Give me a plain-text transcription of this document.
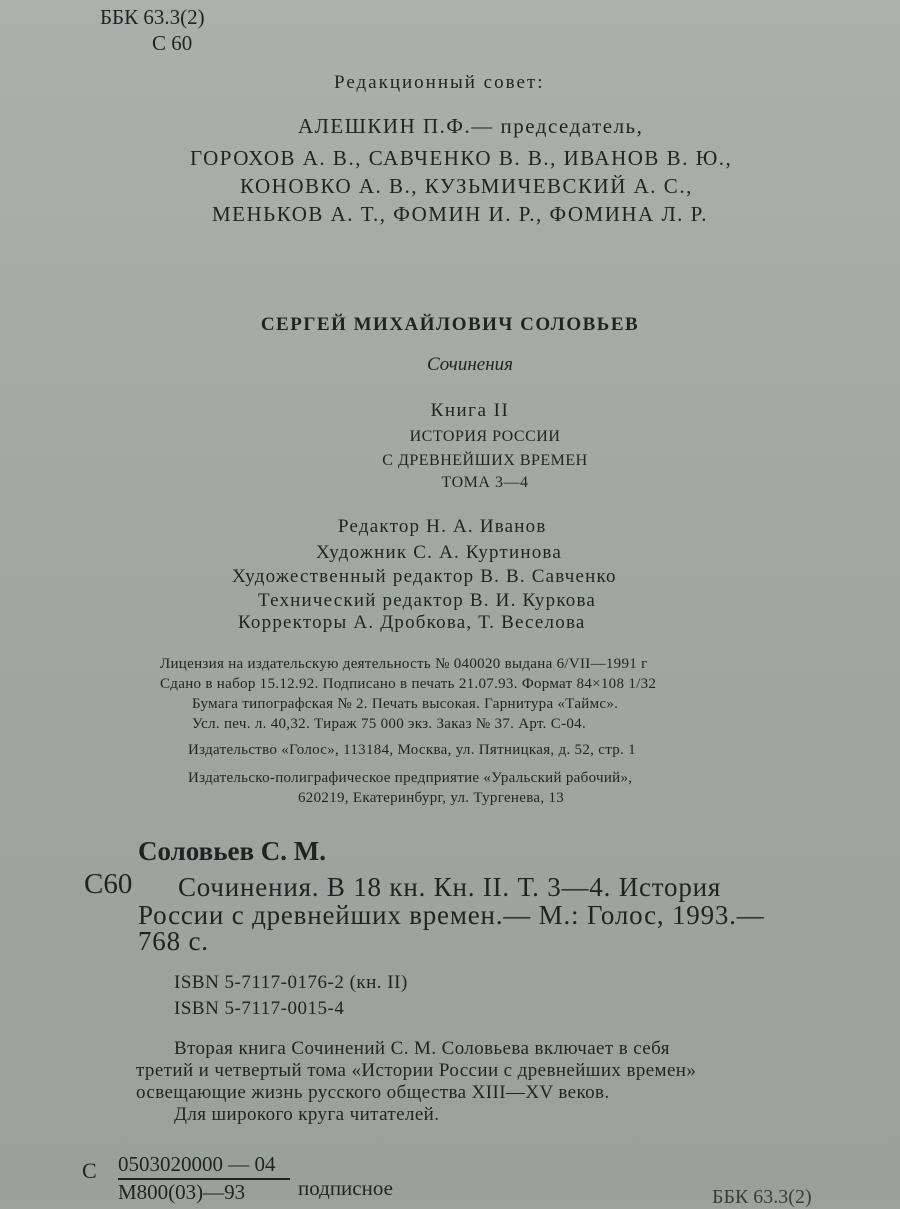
ББК 63.3(2)
С 60
Редакционный совет:
АЛЕШКИН П.Ф.— председатель,
ГОРОХОВ А. В., САВЧЕНКО В. В., ИВАНОВ В. Ю.,
КОНОВКО А. В., КУЗЬМИЧЕВСКИЙ А. С.,
МЕНЬКОВ А. Т., ФОМИН И. Р., ФОМИНА Л. Р.
СЕРГЕЙ МИХАЙЛОВИЧ СОЛОВЬЕВ
Сочинения
Книга II
ИСТОРИЯ РОССИИ
С ДРЕВНЕЙШИХ ВРЕМЕН
ТОМА 3—4
Редактор Н. А. Иванов
Художник С. А. Куртинова
Художественный редактор В. В. Савченко
Технический редактор В. И. Куркова
Корректоры А. Дробкова, Т. Веселова
Лицензия на издательскую деятельность № 040020 выдана 6/VII—1991 г
Сдано в набор 15.12.92. Подписано в печать 21.07.93. Формат 84×108 1/32
Бумага типографская № 2. Печать высокая. Гарнитура «Таймс».
Усл. печ. л. 40,32. Тираж 75 000 экз. Заказ № 37. Арт. С-04.
Издательство «Голос», 113184, Москва, ул. Пятницкая, д. 52, стр. 1
Издательско-полиграфическое предприятие «Уральский рабочий»,
620219, Екатеринбург, ул. Тургенева, 13
Соловьев С. М.
С60 Сочинения. В 18 кн. Кн. II. Т. 3—4. История
России с древнейших времен.— М.: Голос, 1993.—
768 с.
ISBN 5-7117-0176-2 (кн. II)
ISBN 5-7117-0015-4
Вторая книга Сочинений С. М. Соловьева включает в себя
третий и четвертый тома «Истории России с древнейших времен»
освещающие жизнь русского общества XIII—XV веков.
Для широкого круга читателей.
С 0503020000 — 04
М800(03)—93	подписное	ББК 63.3(2)
